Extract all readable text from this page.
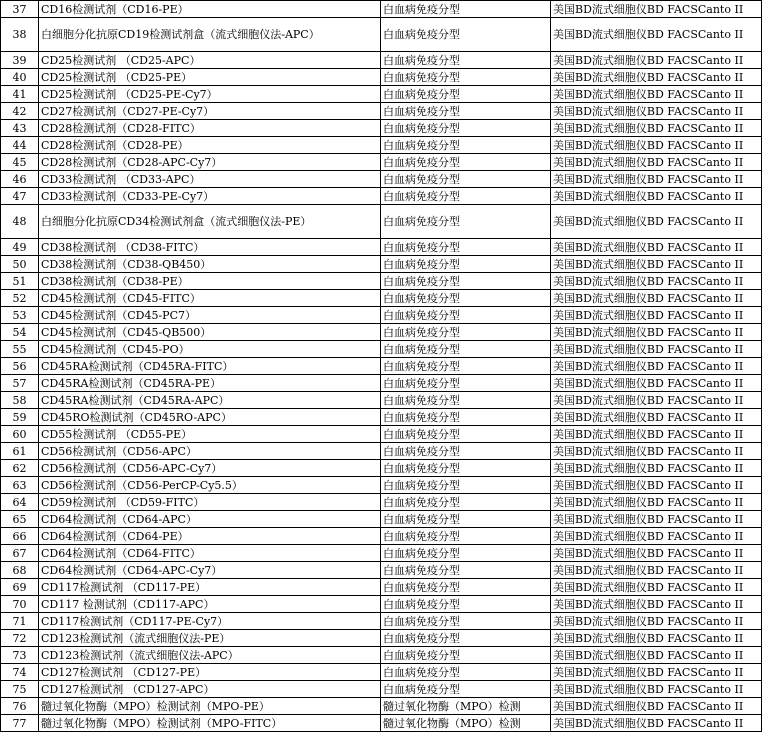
37	CD16检测试剂（CD16-PE）	白血病免疫分型	美国BD流式细胞仪BD FACSCanto II
38	白细胞分化抗原CD19检测试剂盒（流式细胞仪法-APC）	白血病免疫分型	美国BD流式细胞仪BD FACSCanto II
39	CD25检测试剂 （CD25-APC）	白血病免疫分型	美国BD流式细胞仪BD FACSCanto II
40	CD25检测试剂 （CD25-PE）	白血病免疫分型	美国BD流式细胞仪BD FACSCanto II
41	CD25检测试剂 （CD25-PE-Cy7）	白血病免疫分型	美国BD流式细胞仪BD FACSCanto II
42	CD27检测试剂（CD27-PE-Cy7）	白血病免疫分型	美国BD流式细胞仪BD FACSCanto II
43	CD28检测试剂（CD28-FITC）	白血病免疫分型	美国BD流式细胞仪BD FACSCanto II
44	CD28检测试剂（CD28-PE）	白血病免疫分型	美国BD流式细胞仪BD FACSCanto II
45	CD28检测试剂（CD28-APC-Cy7）	白血病免疫分型	美国BD流式细胞仪BD FACSCanto II
46	CD33检测试剂 （CD33-APC）	白血病免疫分型	美国BD流式细胞仪BD FACSCanto II
47	CD33检测试剂（CD33-PE-Cy7）	白血病免疫分型	美国BD流式细胞仪BD FACSCanto II
48	白细胞分化抗原CD34检测试剂盒（流式细胞仪法-PE）	白血病免疫分型	美国BD流式细胞仪BD FACSCanto II
49	CD38检测试剂 （CD38-FITC）	白血病免疫分型	美国BD流式细胞仪BD FACSCanto II
50	CD38检测试剂（CD38-QB450）	白血病免疫分型	美国BD流式细胞仪BD FACSCanto II
51	CD38检测试剂（CD38-PE）	白血病免疫分型	美国BD流式细胞仪BD FACSCanto II
52	CD45检测试剂（CD45-FITC）	白血病免疫分型	美国BD流式细胞仪BD FACSCanto II
53	CD45检测试剂（CD45-PC7）	白血病免疫分型	美国BD流式细胞仪BD FACSCanto II
54	CD45检测试剂（CD45-QB500）	白血病免疫分型	美国BD流式细胞仪BD FACSCanto II
55	CD45检测试剂（CD45-PO）	白血病免疫分型	美国BD流式细胞仪BD FACSCanto II
56	CD45RA检测试剂（CD45RA-FITC）	白血病免疫分型	美国BD流式细胞仪BD FACSCanto II
57	CD45RA检测试剂（CD45RA-PE）	白血病免疫分型	美国BD流式细胞仪BD FACSCanto II
58	CD45RA检测试剂（CD45RA-APC）	白血病免疫分型	美国BD流式细胞仪BD FACSCanto II
59	CD45RO检测试剂（CD45RO-APC）	白血病免疫分型	美国BD流式细胞仪BD FACSCanto II
60	CD55检测试剂 （CD55-PE）	白血病免疫分型	美国BD流式细胞仪BD FACSCanto II
61	CD56检测试剂（CD56-APC）	白血病免疫分型	美国BD流式细胞仪BD FACSCanto II
62	CD56检测试剂（CD56-APC-Cy7）	白血病免疫分型	美国BD流式细胞仪BD FACSCanto II
63	CD56检测试剂（CD56-PerCP-Cy5.5）	白血病免疫分型	美国BD流式细胞仪BD FACSCanto II
64	CD59检测试剂 （CD59-FITC）	白血病免疫分型	美国BD流式细胞仪BD FACSCanto II
65	CD64检测试剂（CD64-APC）	白血病免疫分型	美国BD流式细胞仪BD FACSCanto II
66	CD64检测试剂（CD64-PE）	白血病免疫分型	美国BD流式细胞仪BD FACSCanto II
67	CD64检测试剂（CD64-FITC）	白血病免疫分型	美国BD流式细胞仪BD FACSCanto II
68	CD64检测试剂（CD64-APC-Cy7）	白血病免疫分型	美国BD流式细胞仪BD FACSCanto II
69	CD117检测试剂 （CD117-PE）	白血病免疫分型	美国BD流式细胞仪BD FACSCanto II
70	CD117 检测试剂（CD117-APC）	白血病免疫分型	美国BD流式细胞仪BD FACSCanto II
71	CD117检测试剂（CD117-PE-Cy7）	白血病免疫分型	美国BD流式细胞仪BD FACSCanto II
72	CD123检测试剂（流式细胞仪法-PE）	白血病免疫分型	美国BD流式细胞仪BD FACSCanto II
73	CD123检测试剂（流式细胞仪法-APC）	白血病免疫分型	美国BD流式细胞仪BD FACSCanto II
74	CD127检测试剂 （CD127-PE）	白血病免疫分型	美国BD流式细胞仪BD FACSCanto II
75	CD127检测试剂 （CD127-APC）	白血病免疫分型	美国BD流式细胞仪BD FACSCanto II
76	髓过氧化物酶（MPO）检测试剂（MPO-PE）	髓过氧化物酶（MPO）检测	美国BD流式细胞仪BD FACSCanto II
77	髓过氧化物酶（MPO）检测试剂（MPO-FITC）	髓过氧化物酶（MPO）检测	美国BD流式细胞仪BD FACSCanto II
